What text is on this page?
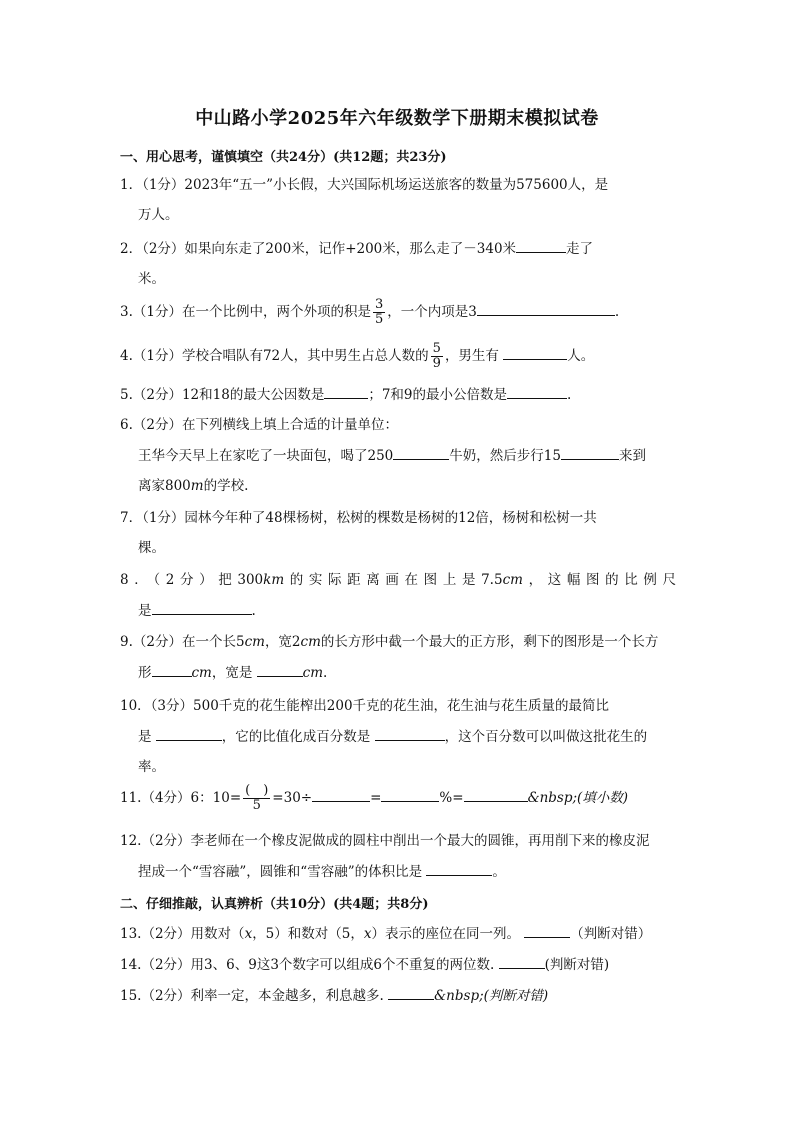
中山路小学2025年六年级数学下册期末模拟试卷
一、用心思考，谨慎填空（共24分）(共12题；共23分)
1．（1分）2023年“五一”小长假，大兴国际机场运送旅客的数量为575600人，是
万人。
2．（2分）如果向东走了200米，记作+200米，那么走了－340米	走了
米。
3.（1分）在一个比例中，两个外项的积是 $\frac{3}{5}$ ，一个内项是3	.
4.（1分）学校合唱队有72人，其中男生占总人数的 $\frac{5}{9}$ ，男生有	人。
5.（2分）12和18的最大公因数是	；7和9的最小公倍数是	.
6.（2分）在下列横线上填上合适的计量单位：
王华今天早上在家吃了一块面包，喝了250	牛奶，然后步行15	来到
离家800m的学校.
7．（1分）园林今年种了48棵杨树，松树的棵数是杨树的12倍，杨树和松树一共
棵。
8．（2分）把300km的实际距离画在图上是7.5cm，这幅图的比例尺
是	.
9.（2分）在一个长5cm，宽2cm的长方形中截一个最大的正方形，剩下的图形是一个长方
形	cm，宽是	cm.
10．（3分）500千克的花生能榨出200千克的花生油，花生油与花生质量的最简比
是	，它的比值化成百分数是	，这个百分数可以叫做这批花生的
率。
11.（4分）6：$10= \frac{( )}{5} =30\div$	=	%=	&nbsp;(填小数)
12.（2分）李老师在一个橡皮泥做成的圆柱中削出一个最大的圆锥，再用削下来的橡皮泥
捏成一个“雪容融”，圆锥和“雪容融”的体积比是	。
二、仔细推敲，认真辨析（共10分）(共4题；共8分)
13.（2分）用数对（x，5）和数对（5，x）表示的座位在同一列。	（判断对错）
14.（2分）用3、6、9这3个数字可以组成6个不重复的两位数.	(判断对错)
15.（2分）利率一定，本金越多，利息越多.	&nbsp;(判断对错)
